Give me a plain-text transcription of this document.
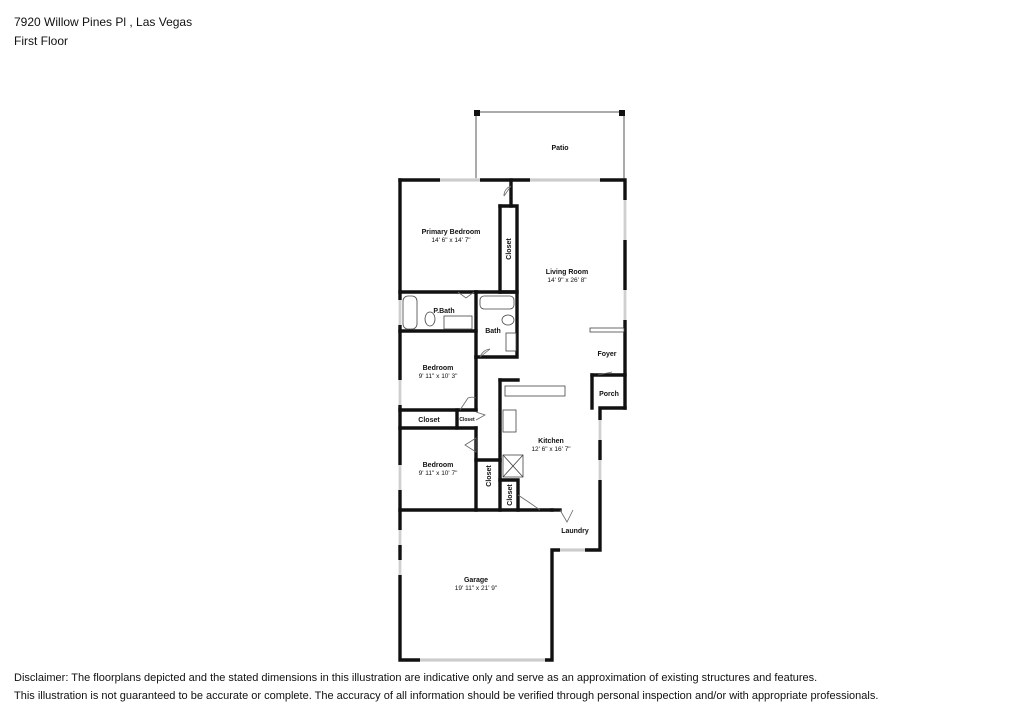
7920 Willow Pines Pl , Las Vegas
First Floor
Patio
Primary Bedroom
14' 6" x 14' 7"	Closet
Living Room
14' 9" x 26' 8"
P.Bath
Bath
Foyer
Porch
Bedroom
9' 11" x 10' 3"
Closet	Closet
Kitchen
12' 6" x 16' 7"
Bedroom
9' 11" x 10' 7"	Closet
Closet
Laundry
Garage
19' 11" x 21' 9"
Disclaimer: The floorplans depicted and the stated dimensions in this illustration are indicative only and serve as an approximation of existing structures and features.
This illustration is not guaranteed to be accurate or complete. The accuracy of all information should be verified through personal inspection and/or with appropriate professionals.
